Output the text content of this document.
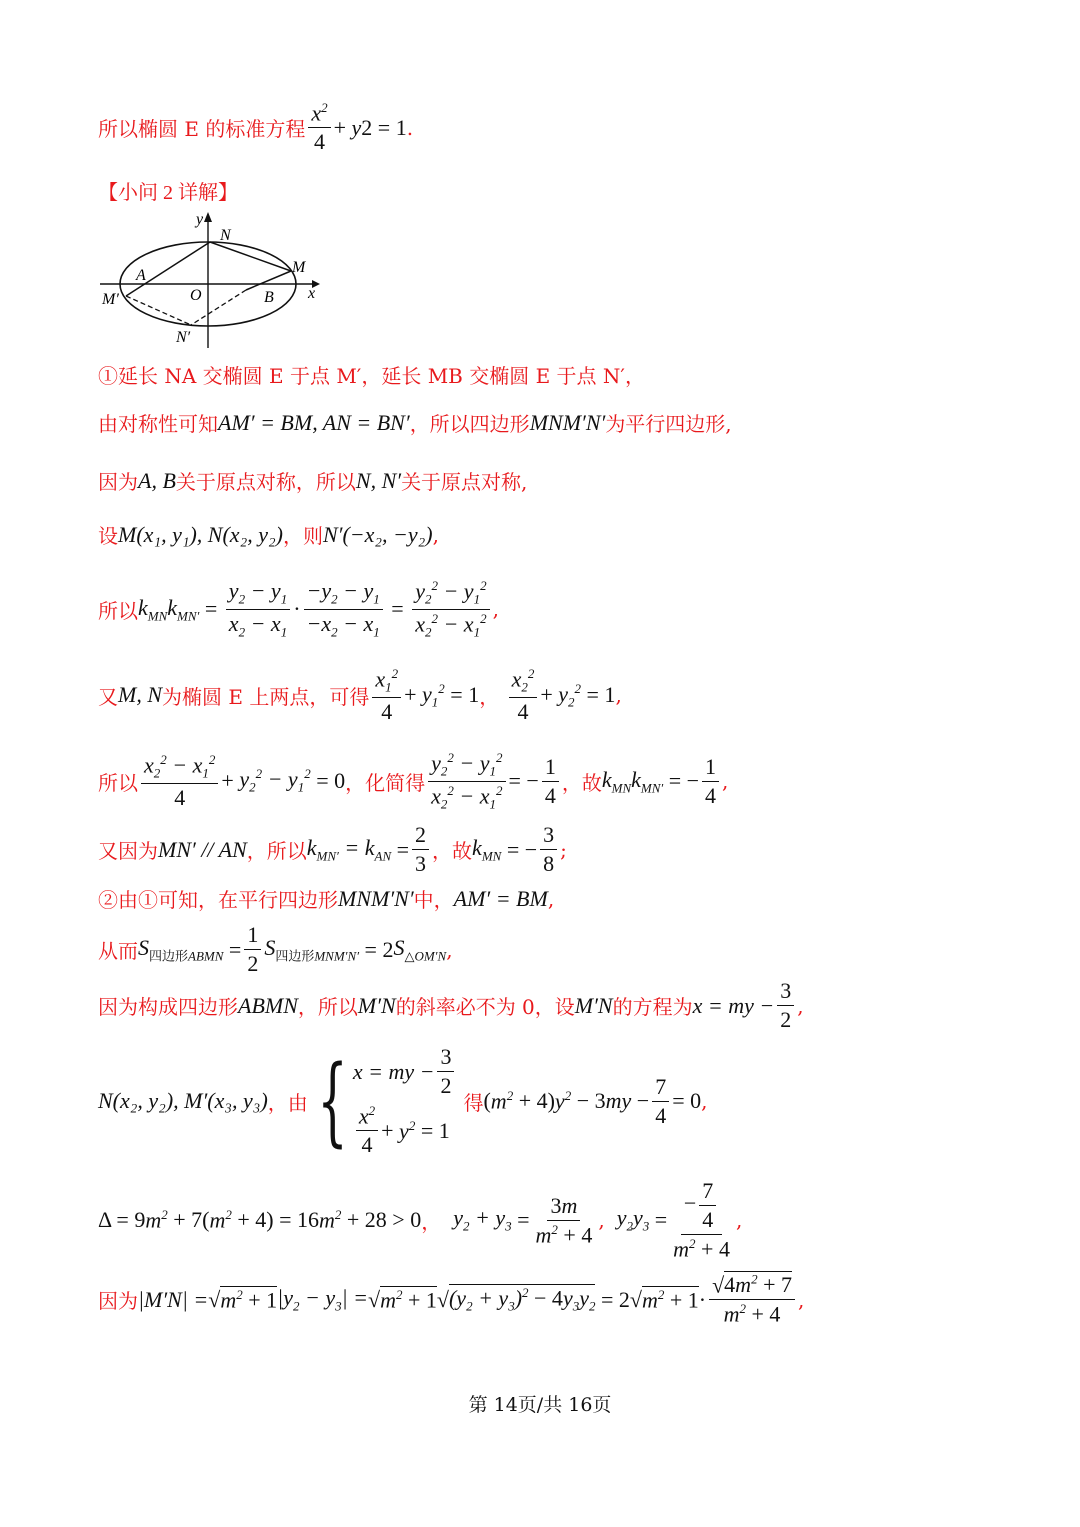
所以椭圆 E 的标准方程 $\frac{x^2}{4} + y$ 2 = 1 .
【小问 2 详解】
y
x
N
M
A
O	B
M′
N′
①延长 NA 交椭圆 E 于点 M′，延长 MB 交椭圆 E 于点 N′，
由对称性可知 AM′ = BM, AN = BN′ ，所以四边形 MNM′N′ 为平行四边形,
因为 A, B 关于原点对称，所以 N, N′ 关于原点对称,
设 M(x₁, y₁), N(x₂, y₂) ，则 N′(−x₂, −y₂) ,
所以 $k_{MN}k_{MN'} = \frac{y_2 - y_1}{x_2 - x_1} \cdot \frac{-y_2 - y_1}{-x_2 - x_1} = \frac{y_2^2 - y_1^2}{x_2^2 - x_1^2}$ ,
又 M, N 为椭圆 E 上两点，可得 $\frac{x_1^2}{4} + y_1^2 = 1$ ， $\frac{x_2^2}{4} + y_2^2 = 1$ ,
所以 $\frac{x_2^2 - x_1^2}{4} + y_2^2 - y_1^2 = 0$ ，化简得 $\frac{y_2^2 - y_1^2}{x_2^2 - x_1^2}$ = − $\frac{1}{4}$ ，故 $k_{MN}k_{MN'}$ = − $\frac{1}{4}$ ,
又因为 MN′ // AN ，所以 $k_{MN'} = k_{AN} = \frac{2}{3}$ ，故 $k_{MN}$ = − $\frac{3}{8}$ ;
②由①可知，在平行四边形 MNM′N′ 中， AM′ = BM ,
从而 $S_{四边形ABMN} = \frac{1}{2} S_{四边形MNM'N'} = 2$ $S_{\triangle OM'N}$ ,
因为构成四边形 ABMN ，所以 M′N 的斜率必不为 0，设 M′N 的方程为 x = my − $\frac{3}{2}$ ,
N(x₂, y₂), M′(x₃, y₃) ，由 { x = my − $\frac{3}{2}$
$\frac{x^2}{4} + y^2 = 1$
得 ( $m^2 + 4$) $y^2 - 3$ my − $\frac{7}{4} = 0$ ,
Δ = 9 $m^2 + 7$( $m^2 + 4) = 16$ $m^2 + 28 > 0$ ， $y_2 + y_3 = \frac{3m}{m^2 + 4}$ , $y_2y_3 = \frac{- \frac{7}{4}}{m^2 + 4}$ ,
因为 |M′N| = √ $m^2 + 1$ $|y_2 - y_3|$ = √ $m^2 + 1$ √ $(y_2 + y_3)^2 - 4y_3y_2 = 2√$ $m^2 + 1 \cdot \frac{√4m^2 + 7}{m^2 + 4}$ ,
第 14页/共 16页
